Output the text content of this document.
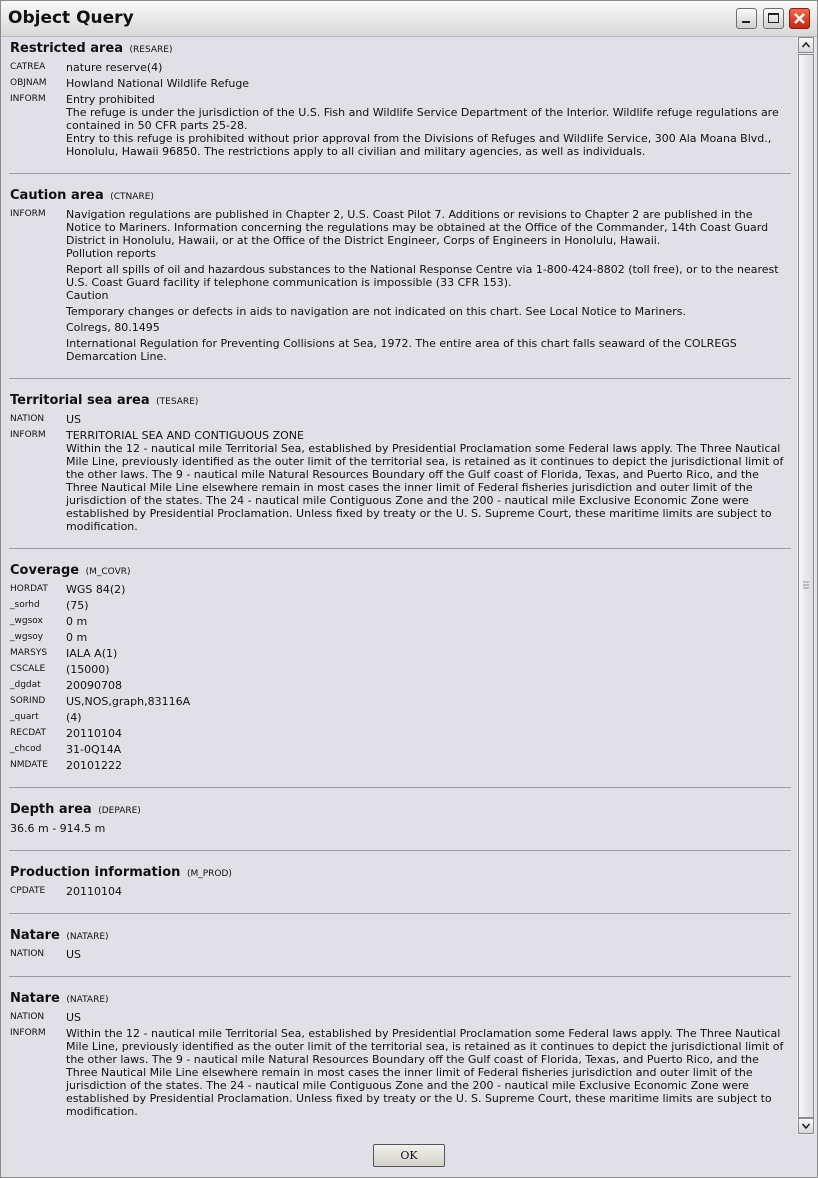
Object Query
Restricted area (RESARE)
CATREA	nature reserve(4)
OBJNAM	Howland National Wildlife Refuge
INFORM	Entry prohibited
The refuge is under the jurisdiction of the U.S. Fish and Wildlife Service Department of the Interior. Wildlife refuge regulations are contained in 50 CFR parts 25-28.
Entry to this refuge is prohibited without prior approval from the Divisions of Refuges and Wildlife Service, 300 Ala Moana Blvd., Honolulu, Hawaii 96850. The restrictions apply to all civilian and military agencies, as well as individuals.
Caution area (CTNARE)
INFORM	Navigation regulations are published in Chapter 2, U.S. Coast Pilot 7. Additions or revisions to Chapter 2 are published in the Notice to Mariners. Information concerning the regulations may be obtained at the Office of the Commander, 14th Coast Guard District in Honolulu, Hawaii, or at the Office of the District Engineer, Corps of Engineers in Honolulu, Hawaii.
Pollution reports
Report all spills of oil and hazardous substances to the National Response Centre via 1-800-424-8802 (toll free), or to the nearest U.S. Coast Guard facility if telephone communication is impossible (33 CFR 153).
Caution
Temporary changes or defects in aids to navigation are not indicated on this chart. See Local Notice to Mariners.
Colregs, 80.1495
International Regulation for Preventing Collisions at Sea, 1972. The entire area of this chart falls seaward of the COLREGS Demarcation Line.
Territorial sea area (TESARE)
NATION	US
INFORM	TERRITORIAL SEA AND CONTIGUOUS ZONE
Within the 12 - nautical mile Territorial Sea, established by Presidential Proclamation some Federal laws apply. The Three Nautical Mile Line, previously identified as the outer limit of the territorial sea, is retained as it continues to depict the jurisdictional limit of the other laws. The 9 - nautical mile Natural Resources Boundary off the Gulf coast of Florida, Texas, and Puerto Rico, and the Three Nautical Mile Line elsewhere remain in most cases the inner limit of Federal fisheries jurisdiction and outer limit of the jurisdiction of the states. The 24 - nautical mile Contiguous Zone and the 200 - nautical mile Exclusive Economic Zone were established by Presidential Proclamation. Unless fixed by treaty or the U. S. Supreme Court, these maritime limits are subject to modification.
Coverage (M_COVR)
HORDAT	WGS 84(2)
_sorhd	(75)
_wgsox	0 m
_wgsoy	0 m
MARSYS	IALA A(1)
CSCALE	(15000)
_dgdat	20090708
SORIND	US,NOS,graph,83116A
_quart	(4)
RECDAT	20110104
_chcod	31-0Q14A
NMDATE	20101222
Depth area (DEPARE)
36.6 m - 914.5 m
Production information (M_PROD)
CPDATE	20110104
Natare (NATARE)
NATION	US
Natare (NATARE)
NATION	US
INFORM	Within the 12 - nautical mile Territorial Sea, established by Presidential Proclamation some Federal laws apply. The Three Nautical Mile Line, previously identified as the outer limit of the territorial sea, is retained as it continues to depict the jurisdictional limit of the other laws. The 9 - nautical mile Natural Resources Boundary off the Gulf coast of Florida, Texas, and Puerto Rico, and the Three Nautical Mile Line elsewhere remain in most cases the inner limit of Federal fisheries jurisdiction and outer limit of the jurisdiction of the states. The 24 - nautical mile Contiguous Zone and the 200 - nautical mile Exclusive Economic Zone were established by Presidential Proclamation. Unless fixed by treaty or the U. S. Supreme Court, these maritime limits are subject to modification.
OK
